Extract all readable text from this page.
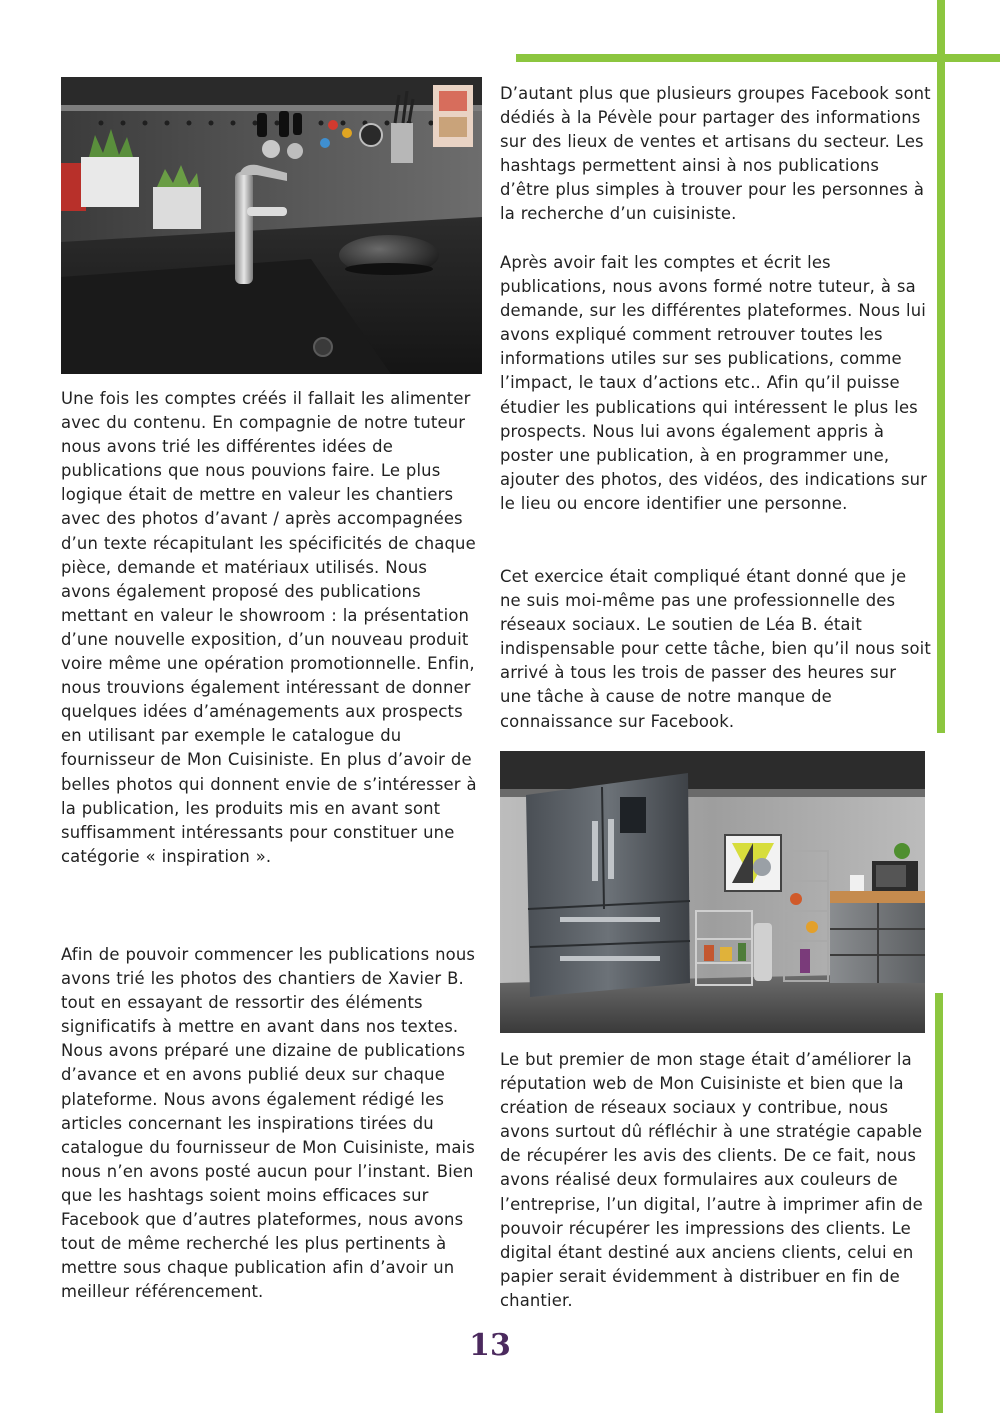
D’autant plus que plusieurs groupes Facebook sont dédiés à la Pévèle pour partager des informations sur des lieux de ventes et artisans du secteur. Les hashtags permettent ainsi à nos publications d’être plus simples à trouver pour les personnes à la recherche d’un cuisiniste.

Après avoir fait les comptes et écrit les publications, nous avons formé notre tuteur, à sa demande, sur les différentes plateformes. Nous lui avons expliqué comment retrouver toutes les informations utiles sur ses publications, comme l’impact, le taux d’actions etc.. Afin qu’il puisse étudier les publications qui intéressent le plus les prospects. Nous lui avons également appris à poster une publication, à en programmer une, ajouter des photos, des vidéos, des indications sur le lieu ou encore identifier une personne.

Cet exercice était compliqué étant donné que je ne suis moi-même pas une professionnelle des réseaux sociaux. Le soutien de Léa B. était indispensable pour cette tâche, bien qu’il nous soit arrivé à tous les trois de passer des heures sur une tâche à cause de notre manque de connaissance sur Facebook.

Le but premier de mon stage était d’améliorer la réputation web de Mon Cuisiniste et bien que la création de réseaux sociaux y contribue, nous avons surtout dû réfléchir à une stratégie capable de récupérer les avis des clients. De ce fait, nous avons réalisé deux formulaires aux couleurs de l’entreprise, l’un digital, l’autre à imprimer afin de pouvoir récupérer les impressions des clients. Le digital étant destiné aux anciens clients, celui en papier serait évidemment à distribuer en fin de chantier.

Une fois les comptes créés il fallait les alimenter avec du contenu. En compagnie de notre tuteur nous avons trié les différentes idées de publications que nous pouvions faire. Le plus logique était de mettre en valeur les chantiers avec des photos d’avant / après accompagnées d’un texte récapitulant les spécificités de chaque pièce, demande et matériaux utilisés. Nous avons également proposé des publications mettant en valeur le showroom : la présentation d’une nouvelle exposition, d’un nouveau produit voire même une opération promotionnelle. Enfin, nous trouvions également intéressant de donner quelques idées d’aménagements aux prospects en utilisant par exemple le catalogue du fournisseur de Mon Cuisiniste. En plus d’avoir de belles photos qui donnent envie de s’intéresser à la publication, les produits mis en avant sont suffisamment intéressants pour constituer une catégorie « inspiration ».

Afin de pouvoir commencer les publications nous avons trié les photos des chantiers de Xavier B. tout en essayant de ressortir des éléments significatifs à mettre en avant dans nos textes. Nous avons préparé une dizaine de publications d’avance et en avons publié deux sur chaque plateforme. Nous avons également rédigé les articles concernant les inspirations tirées du catalogue du fournisseur de Mon Cuisiniste, mais nous n’en avons posté aucun pour l’instant. Bien que les hashtags soient moins efficaces sur Facebook que d’autres plateformes, nous avons tout de même recherché les plus pertinents à mettre sous chaque publication afin d’avoir un meilleur référencement.

13
